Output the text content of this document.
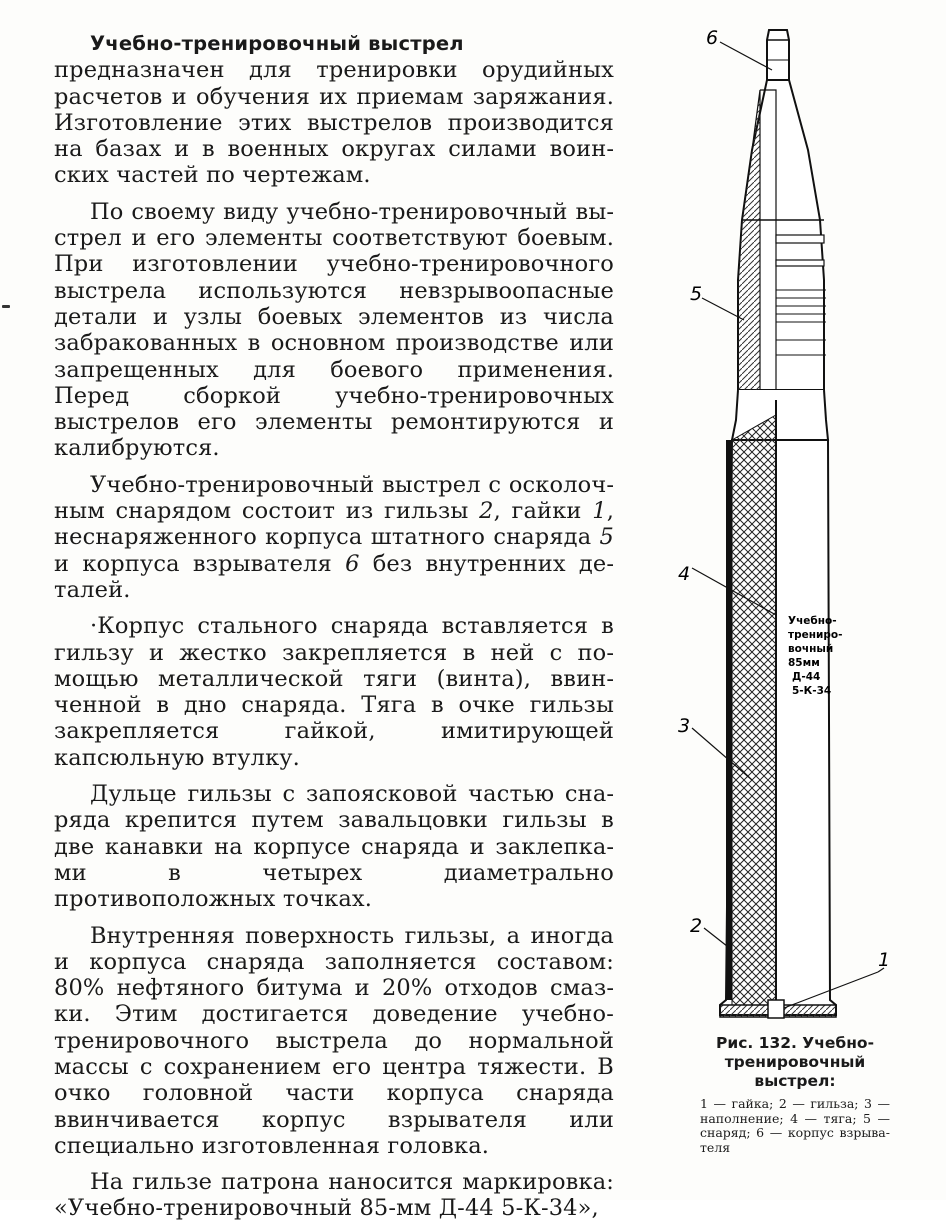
Учебно-тренировочный выстрел
предназначен для тренировки орудийных расчетов и обучения их приемам заряжания. Изготовление этих выстрелов производится на базах и в военных округах силами воинских частей по чертежам.

По своему виду учебно-тренировочный выстрел и его элементы соответствуют боевым. При изготовлении учебно-тренировочного выстрела используются невзрывоопасные детали и узлы боевых элементов из числа забракованных в основном производстве или запрещенных для боевого применения. Перед сборкой учебно-тренировочных выстрелов его элементы ремонтируются и калибруются.

Учебно-тренировочный выстрел с осколочным снарядом состоит из гильзы 2, гайки 1, неснаряженного корпуса штатного снаряда 5 и корпуса взрывателя 6 без внутренних деталей.

·Корпус стального снаряда вставляется в гильзу и жестко закрепляется в ней с помощью металлической тяги (винта), ввинченной в дно снаряда. Тяга в очке гильзы закрепляется гайкой, имитирующей капсюльную втулку.

Дульце гильзы с запоясковой частью снаряда крепится путем завальцовки гильзы в две канавки на корпусе снаряда и заклепками в четырех диаметрально противоположных точках.

Внутренняя поверхность гильзы, а иногда и корпуса снаряда заполняется составом: 80% нефтяного битума и 20% отходов смазки. Этим достигается доведение учебно-тренировочного выстрела до нормальной массы с сохранением его центра тяжести. В очко головной части корпуса снаряда ввинчивается корпус взрывателя или специально изготовленная головка.

На гильзе патрона наносится маркировка: «Учебно-тренировочный 85-мм Д-44 5-К-34»,

Учебно-
трениро-
вочный
85мм
Д-44
5-К-34
6
5
4
3
2
1
Рис. 132. Учебно-тренировочный выстрел:
1 — гайка; 2 — гильза; 3 — наполнение; 4 — тяга; 5 — снаряд; 6 — корпус взрывателя
